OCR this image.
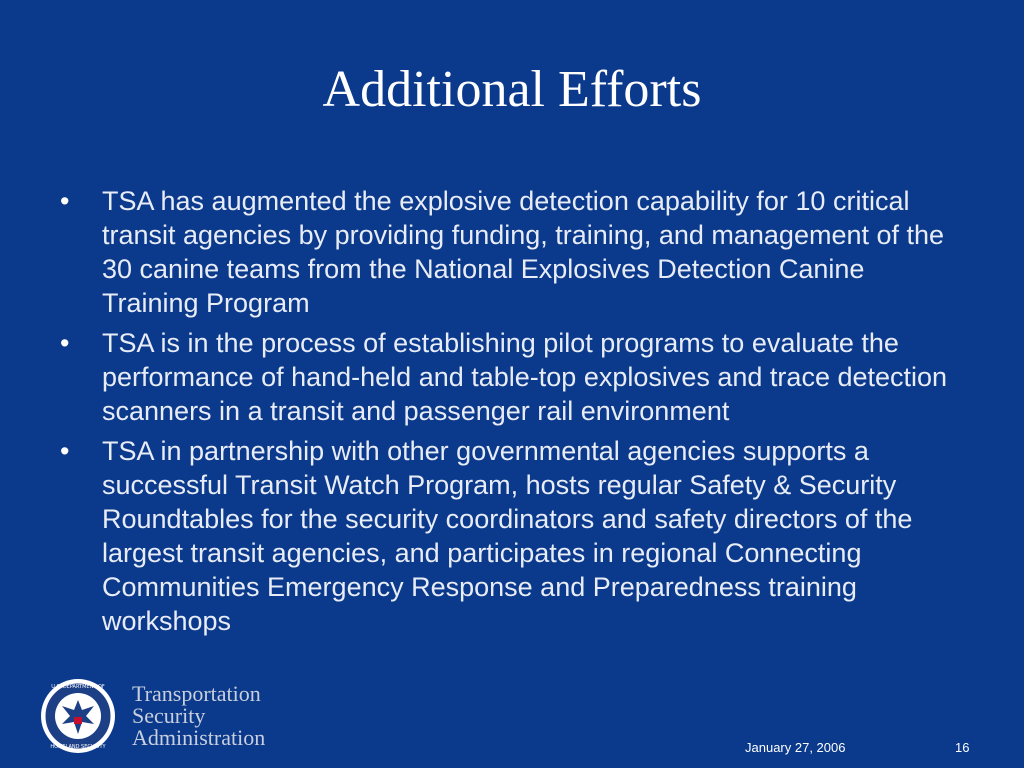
Additional Efforts
• TSA has augmented the explosive detection capability for 10 critical transit agencies by providing funding, training, and management of the 30 canine teams from the National Explosives Detection Canine Training Program
• TSA is in the process of establishing pilot programs to evaluate the performance of hand-held and table-top explosives and trace detection scanners in a transit and passenger rail environment
• TSA in partnership with other governmental agencies supports a successful Transit Watch Program, hosts regular Safety & Security Roundtables for the security coordinators and safety directors of the largest transit agencies, and participates in regional Connecting Communities Emergency Response and Preparedness training workshops
U.S. DEPARTMENT OF
HOMELAND SECURITY
Transportation
Security
Administration	January 27, 2006	16
